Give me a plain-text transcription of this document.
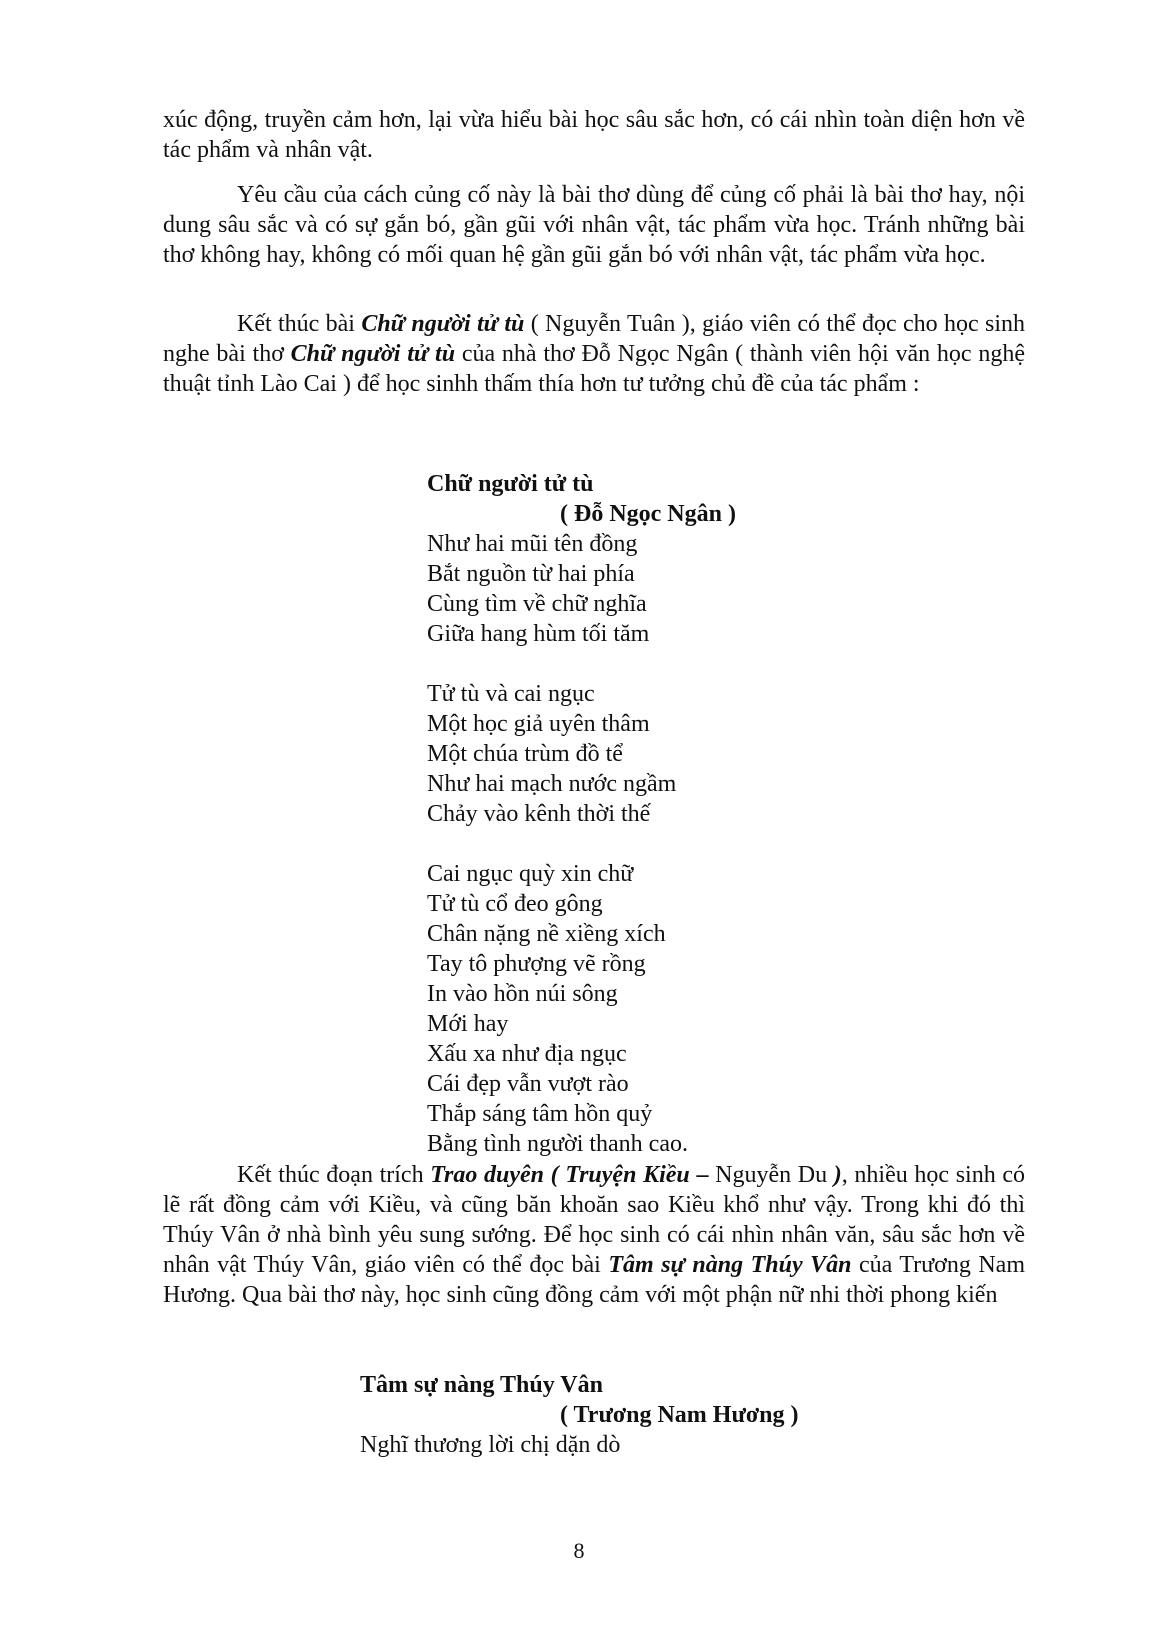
xúc động, truyền cảm hơn, lại vừa hiểu bài học sâu sắc hơn, có cái nhìn toàn diện hơn về tác phẩm và nhân vật.

Yêu cầu của cách củng cố này là bài thơ dùng để củng cố phải là bài thơ hay, nội dung sâu sắc và có sự gắn bó, gần gũi với nhân vật, tác phẩm vừa học. Tránh những bài thơ không hay, không có mối quan hệ gần gũi gắn bó với nhân vật, tác phẩm vừa học.

Kết thúc bài Chữ người tử tù ( Nguyễn Tuân ), giáo viên có thể đọc cho học sinh nghe bài thơ Chữ người tử tù của nhà thơ Đỗ Ngọc Ngân ( thành viên hội văn học nghệ thuật tỉnh Lào Cai ) để học sinhh thấm thía hơn tư tưởng chủ đề của tác phẩm :

Chữ người tử tù
( Đỗ Ngọc Ngân )
Như hai mũi tên đồng
Bắt nguồn từ hai phía
Cùng tìm về chữ nghĩa
Giữa hang hùm tối tăm

Tử tù và cai ngục
Một học giả uyên thâm
Một chúa trùm đồ tể
Như hai mạch nước ngầm
Chảy vào kênh thời thế

Cai ngục quỳ xin chữ
Tử tù cổ đeo gông
Chân nặng nề xiềng xích
Tay tô phượng vẽ rồng
In vào hồn núi sông
Mới hay
Xấu xa như địa ngục
Cái đẹp vẫn vượt rào
Thắp sáng tâm hồn quỷ
Bằng tình người thanh cao.

Kết thúc đoạn trích Trao duyên ( Truyện Kiều – Nguyễn Du ), nhiều học sinh có lẽ rất đồng cảm với Kiều, và cũng băn khoăn sao Kiều khổ như vậy. Trong khi đó thì Thúy Vân ở nhà bình yêu sung sướng. Để học sinh có cái nhìn nhân văn, sâu sắc hơn về nhân vật Thúy Vân, giáo viên có thể đọc bài Tâm sự nàng Thúy Vân của Trương Nam Hương. Qua bài thơ này, học sinh cũng đồng cảm với một phận nữ nhi thời phong kiến

Tâm sự nàng Thúy Vân
( Trương Nam Hương )
Nghĩ thương lời chị dặn dò
8
